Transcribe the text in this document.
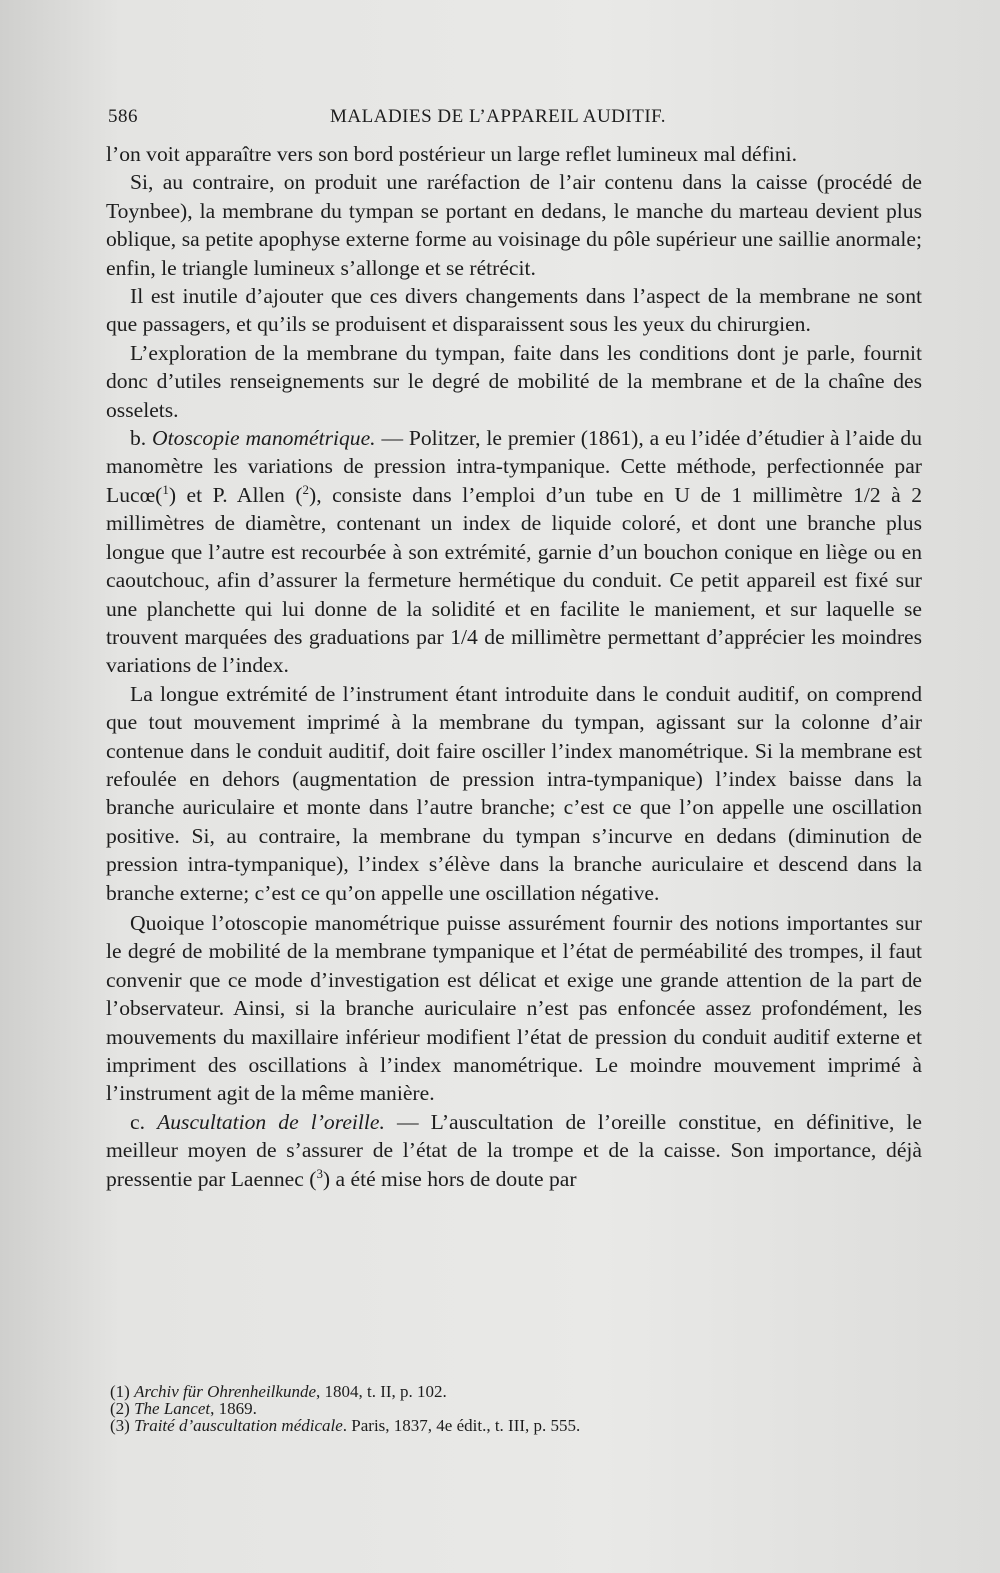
586	MALADIES DE L’APPAREIL AUDITIF.

l’on voit apparaître vers son bord postérieur un large reflet lumineux mal défini.

Si, au contraire, on produit une raréfaction de l’air contenu dans la caisse (procédé de Toynbee), la membrane du tympan se portant en dedans, le manche du marteau devient plus oblique, sa petite apophyse externe forme au voisinage du pôle supérieur une saillie anormale; enfin, le triangle lumineux s’allonge et se rétrécit.

Il est inutile d’ajouter que ces divers changements dans l’aspect de la membrane ne sont que passagers, et qu’ils se produisent et disparaissent sous les yeux du chirurgien.

L’exploration de la membrane du tympan, faite dans les conditions dont je parle, fournit donc d’utiles renseignements sur le degré de mobilité de la membrane et de la chaîne des osselets.

b. Otoscopie manométrique. — Politzer, le premier (1861), a eu l’idée d’étudier à l’aide du manomètre les variations de pression intra-tympanique. Cette méthode, perfectionnée par Lucœ($^1$) et P. Allen ($^2$), consiste dans l’emploi d’un tube en U de 1 millimètre 1/2 à 2 millimètres de diamètre, contenant un index de liquide coloré, et dont une branche plus longue que l’autre est recourbée à son extrémité, garnie d’un bouchon conique en liège ou en caoutchouc, afin d’assurer la fermeture hermétique du conduit. Ce petit appareil est fixé sur une planchette qui lui donne de la solidité et en facilite le maniement, et sur laquelle se trouvent marquées des graduations par 1/4 de millimètre permettant d’apprécier les moindres variations de l’index.

La longue extrémité de l’instrument étant introduite dans le conduit auditif, on comprend que tout mouvement imprimé à la membrane du tympan, agissant sur la colonne d’air contenue dans le conduit auditif, doit faire osciller l’index manométrique. Si la membrane est refoulée en dehors (augmentation de pression intra-tympanique) l’index baisse dans la branche auriculaire et monte dans l’autre branche; c’est ce que l’on appelle une oscillation positive. Si, au contraire, la membrane du tympan s’incurve en dedans (diminution de pression intra-tympanique), l’index s’élève dans la branche auriculaire et descend dans la branche externe; c’est ce qu’on appelle une oscillation négative.

Quoique l’otoscopie manométrique puisse assurément fournir des notions importantes sur le degré de mobilité de la membrane tympanique et l’état de perméabilité des trompes, il faut convenir que ce mode d’investigation est délicat et exige une grande attention de la part de l’observateur. Ainsi, si la branche auriculaire n’est pas enfoncée assez profondément, les mouvements du maxillaire inférieur modifient l’état de pression du conduit auditif externe et impriment des oscillations à l’index manométrique. Le moindre mouvement imprimé à l’instrument agit de la même manière.

c. Auscultation de l’oreille. — L’auscultation de l’oreille constitue, en définitive, le meilleur moyen de s’assurer de l’état de la trompe et de la caisse. Son importance, déjà pressentie par Laennec ($^3$) a été mise hors de doute par

(1) Archiv für Ohrenheilkunde, 1804, t. II, p. 102.
(2) The Lancet, 1869.
(3) Traité d’auscultation médicale. Paris, 1837, 4e édit., t. III, p. 555.
